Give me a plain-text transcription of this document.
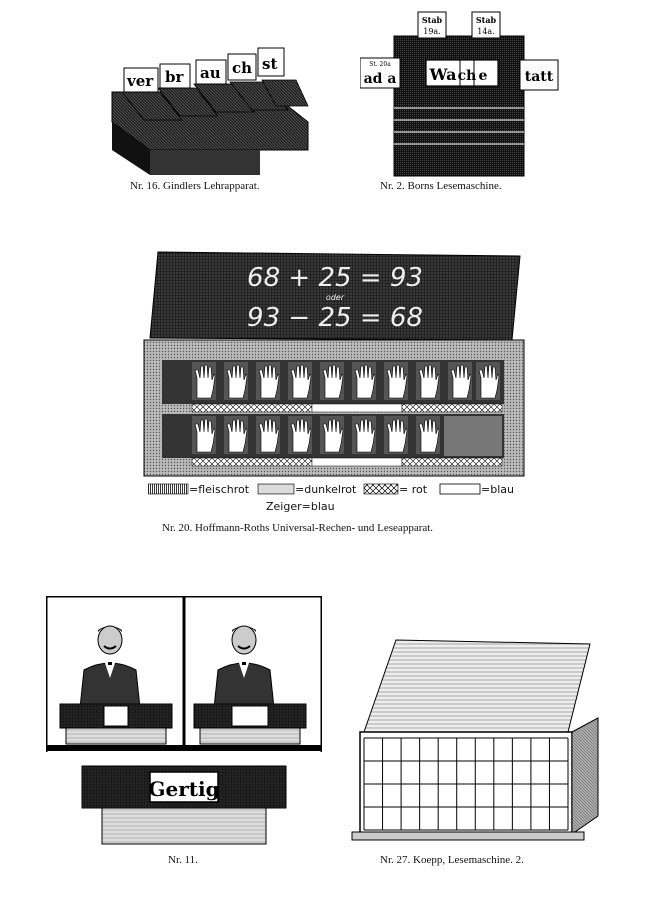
ver br au ch st
Nr. 16. Gindlers Lehrapparat.
Stab
19a.
Stab
14a.
St. 20a
ad a	tatt
Wa ch e
Nr. 2. Borns Lesemaschine.
68 + 25 = 93
oder
93 − 25 = 68
=fleischrot	=dunkelrot	= rot	=blau
Zeiger=blau
Nr. 20. Hoffmann-Roths Universal-Rechen- und Leseapparat.
Gertig
Nr. 11.	Nr. 27. Koepp, Lesemaschine. 2.
